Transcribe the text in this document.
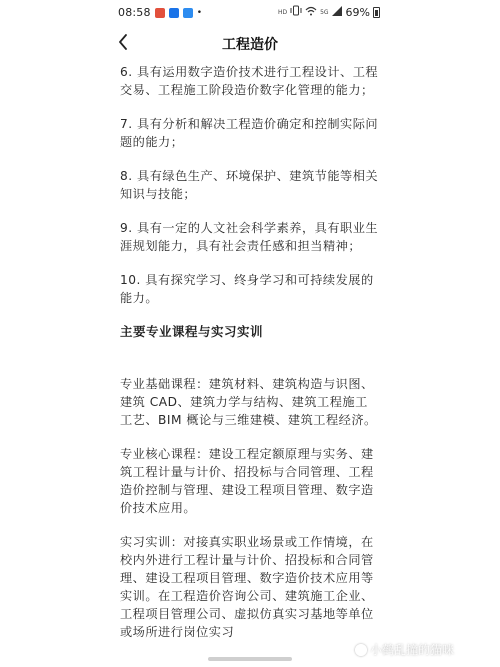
08:58	•	HD	5G 69%
工程造价

6. 具有运用数字造价技术进行工程设计、工程交易、工程施工阶段造价数字化管理的能力；

7. 具有分析和解决工程造价确定和控制实际问题的能力；

8. 具有绿色生产、环境保护、建筑节能等相关知识与技能；

9. 具有一定的人文社会科学素养，具有职业生涯规划能力，具有社会责任感和担当精神；

10. 具有探究学习、终身学习和可持续发展的能力。

主要专业课程与实习实训

专业基础课程：建筑材料、建筑构造与识图、建筑 CAD、建筑力学与结构、建筑工程施工工艺、BIM 概论与三维建模、建筑工程经济。

专业核心课程：建设工程定额原理与实务、建筑工程计量与计价、招投标与合同管理、工程造价控制与管理、建设工程项目管理、数字造价技术应用。

实习实训：对接真实职业场景或工作情境，在校内外进行工程计量与计价、招投标和合同管理、建设工程项目管理、数字造价技术应用等实训。在工程造价咨询公司、建筑施工企业、工程项目管理公司、虚拟仿真实习基地等单位或场所进行岗位实习

小鹤乱撞的猫咪
